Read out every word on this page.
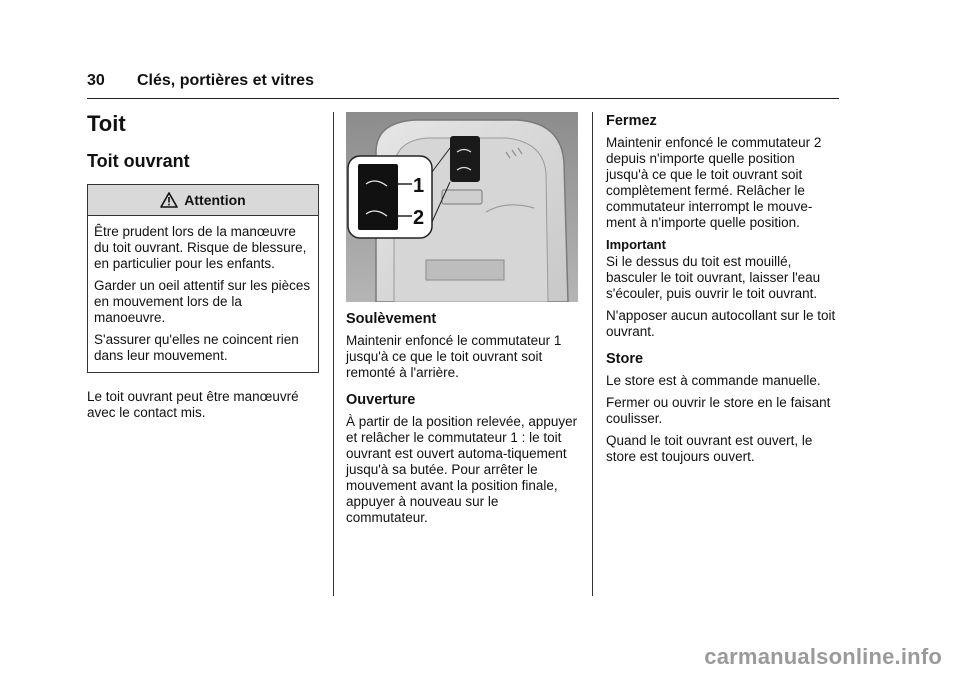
30 Clés, portières et vitres
Toit
Toit ouvrant
Attention

Être prudent lors de la manœuvre du toit ouvrant. Risque de blessure, en particulier pour les enfants.

Garder un oeil attentif sur les pièces en mouvement lors de la manoeuvre.

S'assurer qu'elles ne coincent rien dans leur mouvement.

Le toit ouvrant peut être manœuvré avec le contact mis.

1
2
Soulèvement

Maintenir enfoncé le commutateur 1 jusqu'à ce que le toit ouvrant soit remonté à l'arrière.

Ouverture

À partir de la position relevée, appuyer et relâcher le commutateur 1 : le toit ouvrant est ouvert automa-tiquement jusqu'à sa butée. Pour arrêter le mouvement avant la position finale, appuyer à nouveau sur le commutateur.

Fermez

Maintenir enfoncé le commutateur 2 depuis n'importe quelle position jusqu'à ce que le toit ouvrant soit complètement fermé. Relâcher le commutateur interrompt le mouve-ment à n'importe quelle position.

Important

Si le dessus du toit est mouillé, basculer le toit ouvrant, laisser l'eau s'écouler, puis ouvrir le toit ouvrant.

N'apposer aucun autocollant sur le toit ouvrant.

Store

Le store est à commande manuelle.

Fermer ou ouvrir le store en le faisant coulisser.

Quand le toit ouvrant est ouvert, le store est toujours ouvert.

carmanualsonline.info
